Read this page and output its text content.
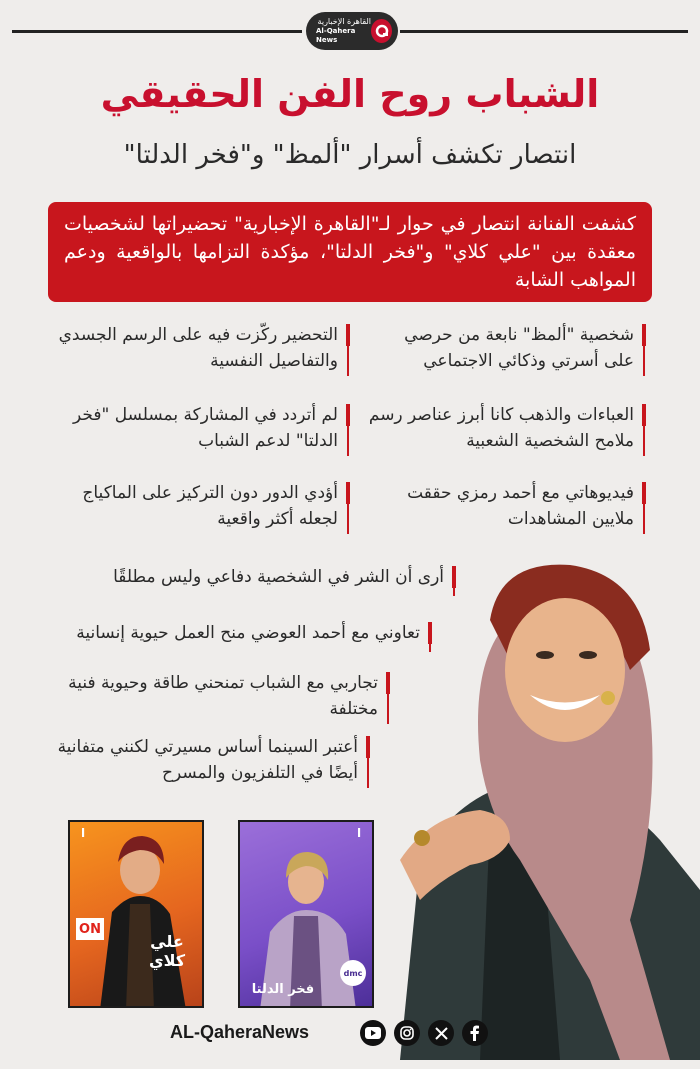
القاهرة الإخبارية
Al-Qahera News
الشباب روح الفن الحقيقي
انتصار تكشف أسرار "ألمظ" و"فخر الدلتا"
كشفت الفنانة انتصار في حوار لـ"القاهرة الإخبارية" تحضيراتها لشخصيات معقدة بين "علي كلاي" و"فخر الدلتا"، مؤكدة التزامها بالواقعية ودعم المواهب الشابة
شخصية "ألمظ" نابعة من حرصي على أسرتي وذكائي الاجتماعي
التحضير ركّزت فيه على الرسم الجسدي والتفاصيل النفسية
العباءات والذهب كانا أبرز عناصر رسم ملامح الشخصية الشعبية
لم أتردد في المشاركة بمسلسل "فخر الدلتا" لدعم الشباب
فيديوهاتي مع أحمد رمزي حققت ملايين المشاهدات
أؤدي الدور دون التركيز على الماكياج لجعله أكثر واقعية
أرى أن الشر في الشخصية دفاعي وليس مطلقًا
تعاوني مع أحمد العوضي منح العمل حيوية إنسانية
تجاربي مع الشباب تمنحني طاقة وحيوية فنية مختلفة
أعتبر السينما أساس مسيرتي لكنني متفانية أيضًا في التلفزيون والمسرح
ON
علي كلاي
ا
dmc
فخر الدلتا
ا
AL-QaheraNews
